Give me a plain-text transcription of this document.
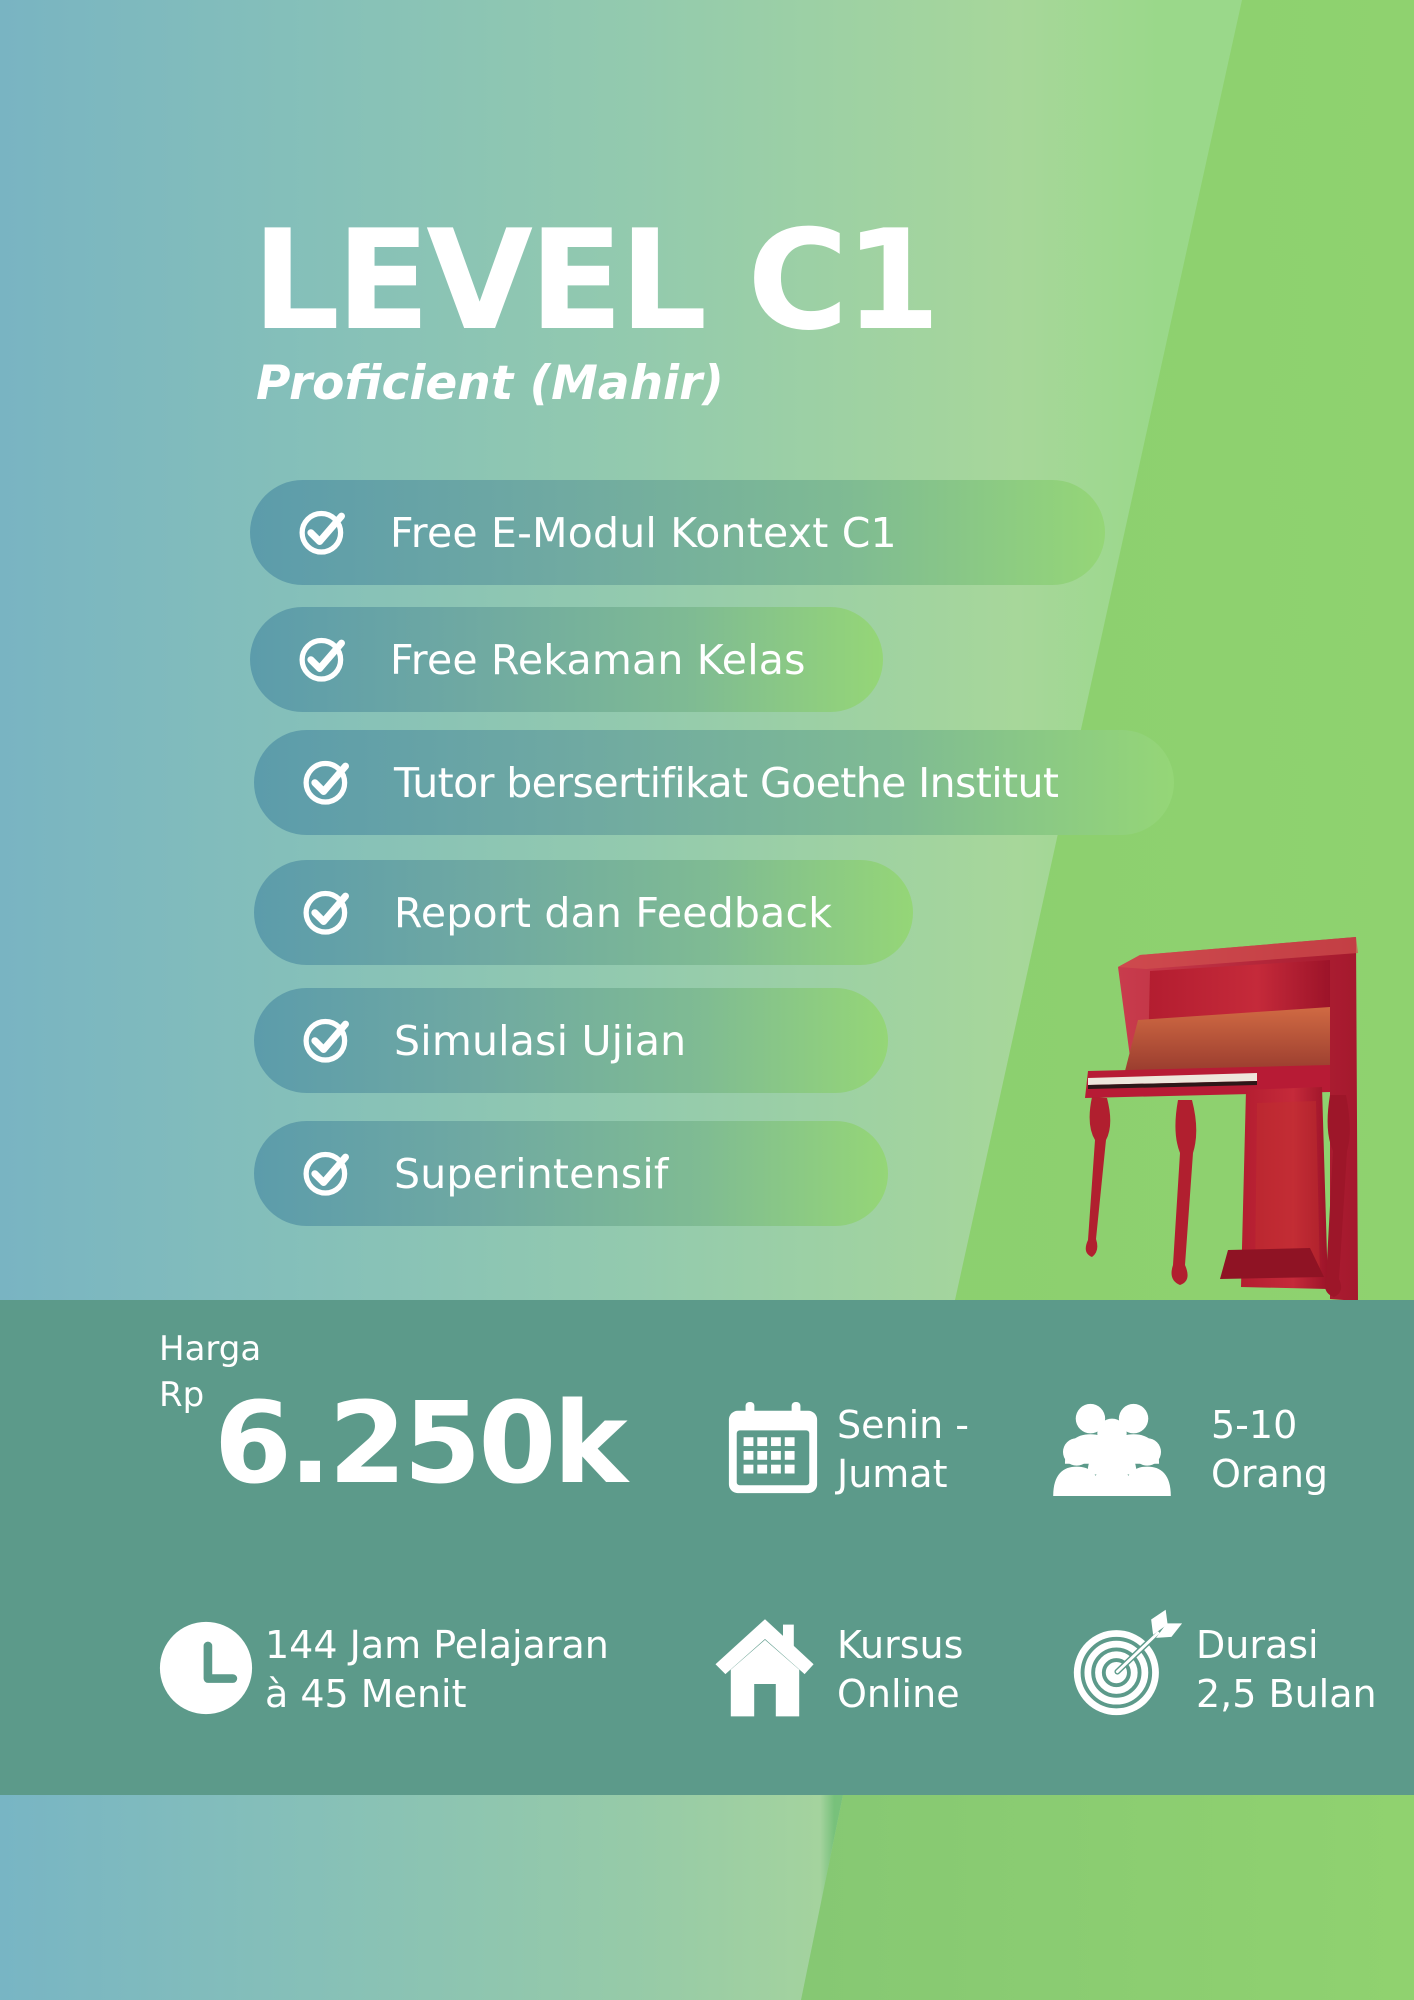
LEVEL C1
Proficient (Mahir)
Free E-Modul Kontext C1
Free Rekaman Kelas
Tutor bersertifikat Goethe Institut
Report dan Feedback
Simulasi Ujian
Superintensif
Harga
Rp 6.250k	Senin -
Jumat
5-10
Orang
144 Jam Pelajaran
à 45 Menit
Kursus
Online
Durasi
2,5 Bulan
